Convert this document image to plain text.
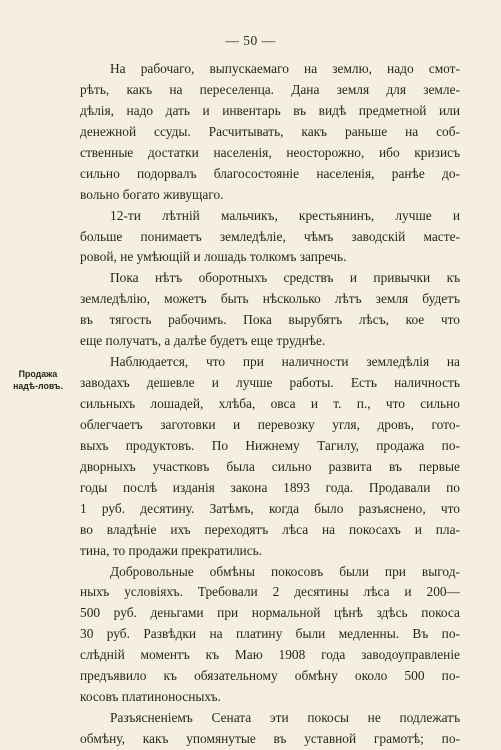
— 50 —
Продажа надѣ-ловъ.
На рабочаго, выпускаемаго на землю, надо смот-
рѣть, какъ на переселенца. Дана земля для земле-
дѣлія, надо дать и инвентарь въ видѣ предметной или
денежной ссуды. Расчитывать, какъ раньше на соб-
ственные достатки населенія, неосторожно, ибо кризисъ
сильно подорвалъ благосостояніе населенія, ранѣе до-
вольно богато живущаго.
12-ти лѣтній мальчикъ, крестьянинъ, лучше и
больше понимаетъ земледѣліе, чѣмъ заводскій масте-
ровой, не умѣющій и лошадь толкомъ запречь.
Пока нѣтъ оборотныхъ средствъ и привычки къ
земледѣлію, можетъ быть нѣсколько лѣтъ земля будетъ
въ тягость рабочимъ. Пока вырубятъ лѣсъ, кое что
еще получатъ, а далѣе будетъ еще труднѣе.
Наблюдается, что при наличности земледѣлія на
заводахъ дешевле и лучше работы. Есть наличность
сильныхъ лошадей, хлѣба, овса и т. п., что сильно
облегчаетъ заготовки и перевозку угля, дровъ, гото-
выхъ продуктовъ. По Нижнему Тагилу, продажа по-
дворныхъ участковъ была сильно развита въ первые
годы послѣ изданія закона 1893 года. Продавали по
1 руб. десятину. Затѣмъ, когда было разъяснено, что
во владѣніе ихъ переходятъ лѣса на покосахъ и пла-
тина, то продажи прекратились.
Добровольные обмѣны покосовъ были при выгод-
ныхъ условіяхъ. Требовали 2 десятины лѣса и 200—
500 руб. деньгами при нормальной цѣнѣ здѣсь покоса
30 руб. Развѣдки на платину были медленны. Въ по-
слѣдній моментъ къ Маю 1908 года заводоуправленіе
предъявило къ обязательному обмѣну около 500 по-
косовъ платиноносныхъ.
Разъясненіемъ Сената эти покосы не подлежатъ
обмѣну, какъ упомянутые въ уставной грамотѣ; по-
